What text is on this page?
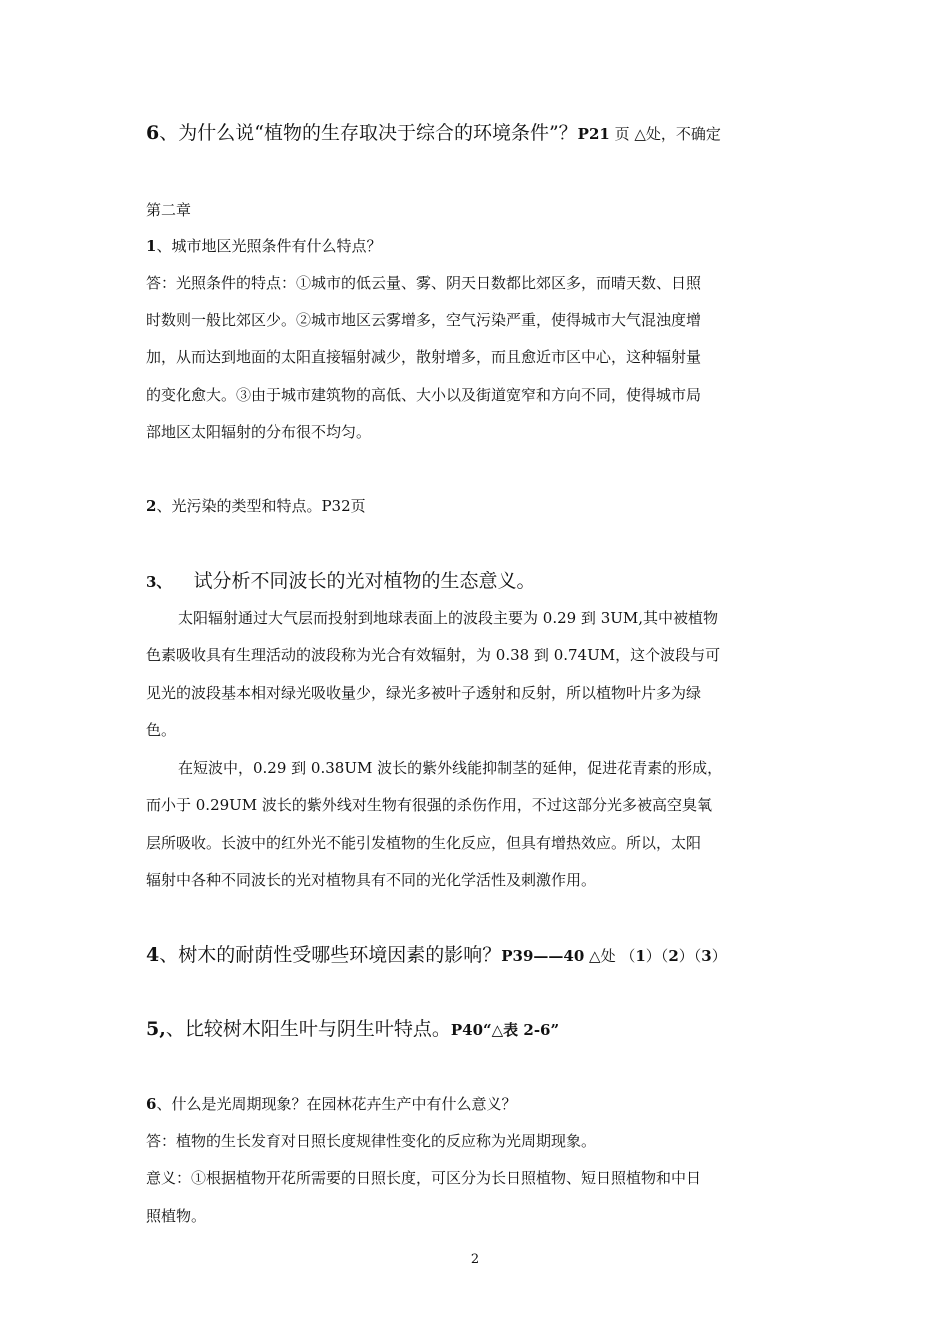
6、为什么说“植物的生存取决于综合的环境条件”？P21 页 △处，不确定
第二章
1、城市地区光照条件有什么特点？
答：光照条件的特点：①城市的低云量、雾、阴天日数都比郊区多，而晴天数、日照
时数则一般比郊区少。②城市地区云雾增多，空气污染严重，使得城市大气混浊度增
加，从而达到地面的太阳直接辐射减少，散射增多，而且愈近市区中心，这种辐射量
的变化愈大。③由于城市建筑物的高低、大小以及街道宽窄和方向不同，使得城市局
部地区太阳辐射的分布很不均匀。
2、光污染的类型和特点。P32页
3、 试分析不同波长的光对植物的生态意义。
太阳辐射通过大气层而投射到地球表面上的波段主要为 0.29 到 3UM,其中被植物
色素吸收具有生理活动的波段称为光合有效辐射，为 0.38 到 0.74UM，这个波段与可
见光的波段基本相对绿光吸收量少，绿光多被叶子透射和反射，所以植物叶片多为绿
色。
在短波中，0.29 到 0.38UM 波长的紫外线能抑制茎的延伸，促进花青素的形成，
而小于 0.29UM 波长的紫外线对生物有很强的杀伤作用，不过这部分光多被高空臭氧
层所吸收。长波中的红外光不能引发植物的生化反应，但具有增热效应。所以，太阳
辐射中各种不同波长的光对植物具有不同的光化学活性及刺激作用。
4、树木的耐荫性受哪些环境因素的影响？P39——40 △处 （1）（2）（3）
5,、比较树木阳生叶与阴生叶特点。P40“△表 2-6”
6、什么是光周期现象？在园林花卉生产中有什么意义？
答：植物的生长发育对日照长度规律性变化的反应称为光周期现象。
意义：①根据植物开花所需要的日照长度，可区分为长日照植物、短日照植物和中日
照植物。
2
